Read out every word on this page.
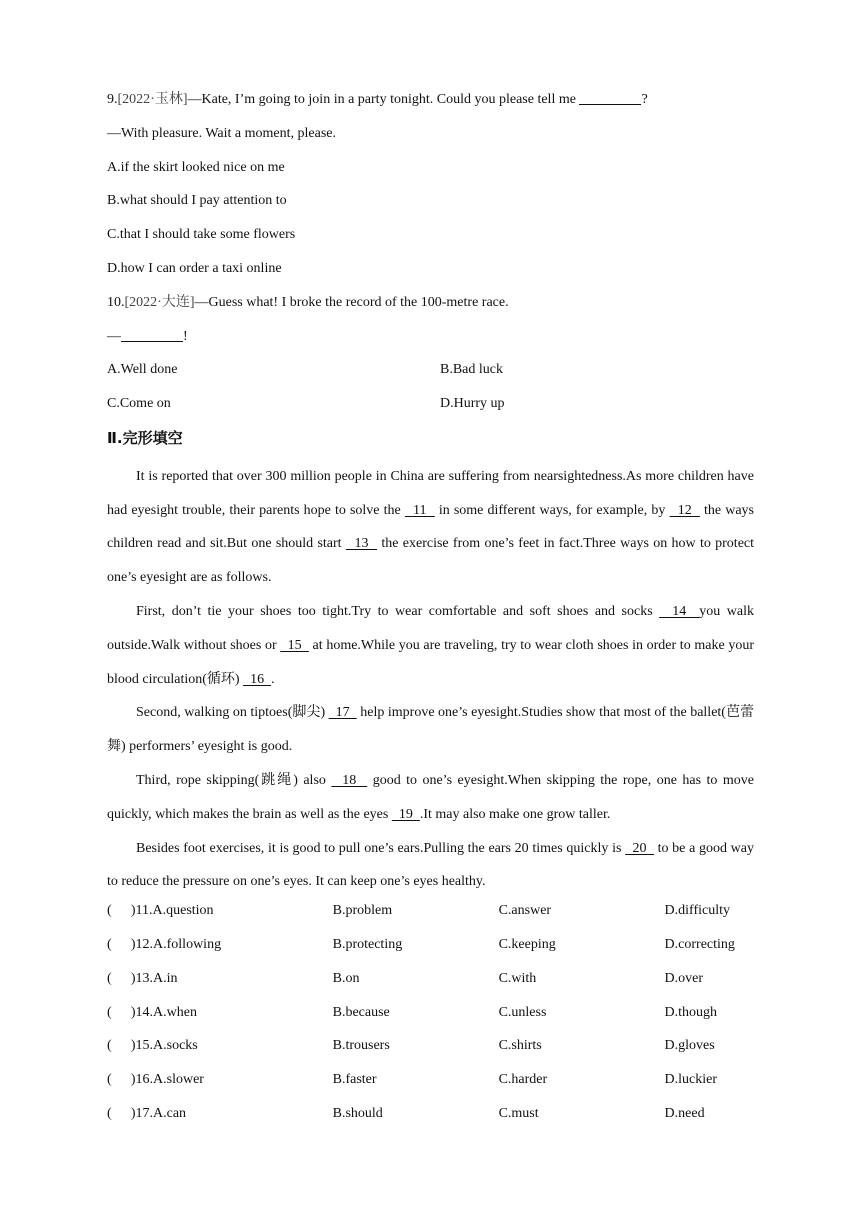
9.[2022·玉林]—Kate, I’m going to join in a party tonight. Could you please tell me	?
—With pleasure. Wait a moment, please.
A.if the skirt looked nice on me
B.what should I pay attention to
C.that I should take some flowers
D.how I can order a taxi online
10.[2022·大连]—Guess what! I broke the record of the 100-metre race.
—	!
A.Well done	B.Bad luck
C.Come on	D.Hurry up
Ⅱ.完形填空
It is reported that over 300 million people in China are suffering from nearsightedness.As more children have had eyesight trouble, their parents hope to solve the   11   in some different ways, for example, by   12   the ways children read and sit.But one should start   13   the exercise from one’s feet in fact.Three ways on how to protect one’s eyesight are as follows.
First, don’t tie your shoes too tight.Try to wear comfortable and soft shoes and socks   14  you walk outside.Walk without shoes or   15   at home.While you are traveling, try to wear cloth shoes in order to make your blood circulation(循环)   16  .
Second, walking on tiptoes(脚尖)   17   help improve one’s eyesight.Studies show that most of the ballet(芭蕾舞) performers’ eyesight is good.
Third, rope skipping(跳绳) also   18   good to one’s eyesight.When skipping the rope, one has to move quickly, which makes the brain as well as the eyes   19  .It may also make one grow taller.
Besides foot exercises, it is good to pull one’s ears.Pulling the ears 20 times quickly is   20   to be a good way to reduce the pressure on one’s eyes. It can keep one’s eyes healthy.
(	)11.A.question	B.problem	C.answer	D.difficulty
(	)12.A.following	B.protecting	C.keeping	D.correcting
(	)13.A.in	B.on	C.with	D.over
(	)14.A.when	B.because	C.unless	D.though
(	)15.A.socks	B.trousers	C.shirts	D.gloves
(	)16.A.slower	B.faster	C.harder	D.luckier
(	)17.A.can	B.should	C.must	D.need
